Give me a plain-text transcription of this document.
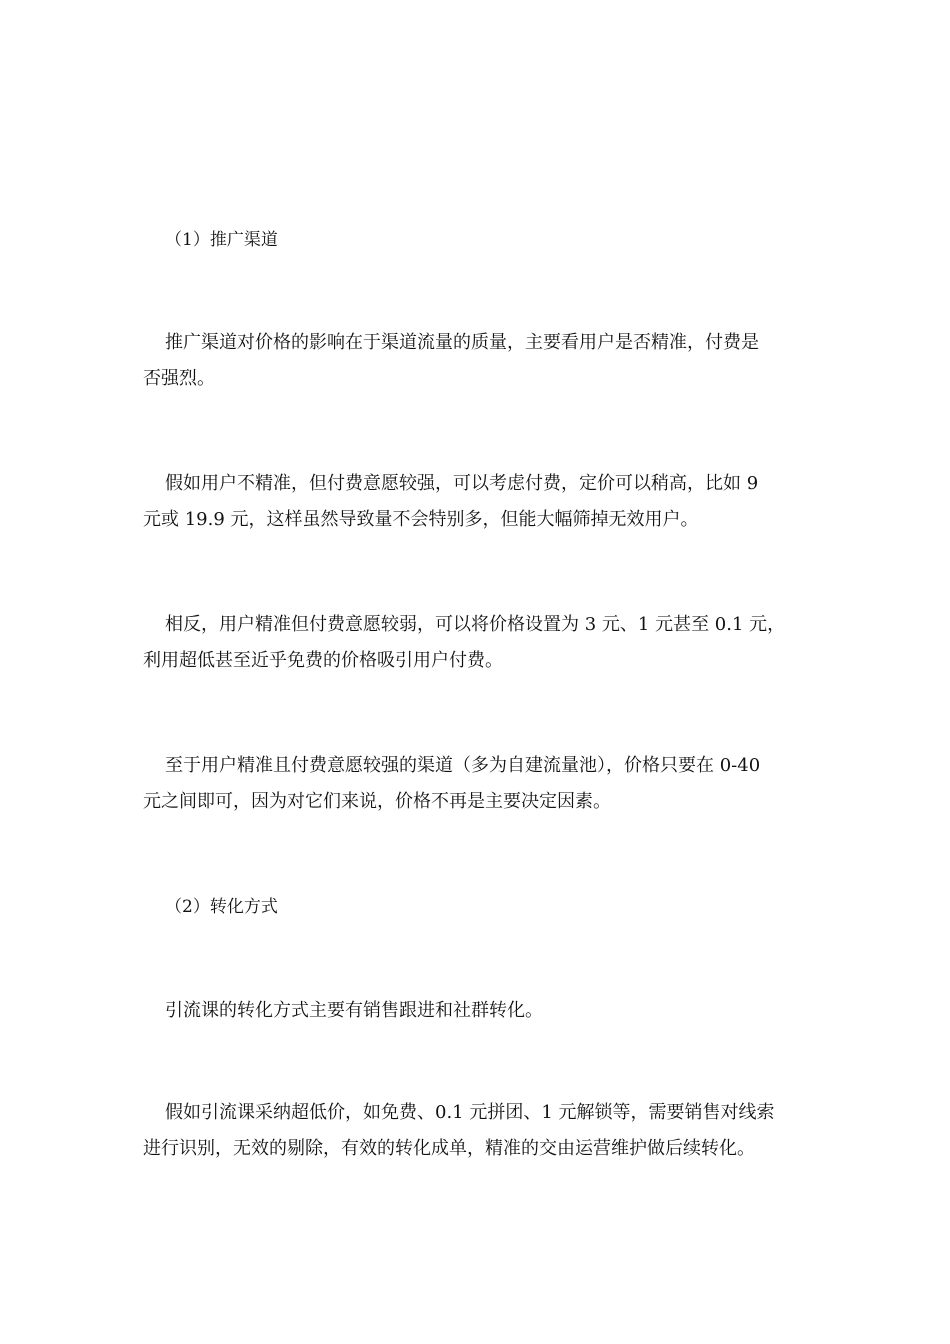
（1）推广渠道

推广渠道对价格的影响在于渠道流量的质量，主要看用户是否精准，付费是
否强烈。

假如用户不精准，但付费意愿较强，可以考虑付费，定价可以稍高，比如 9
元或 19.9 元，这样虽然导致量不会特别多，但能大幅筛掉无效用户。

相反，用户精准但付费意愿较弱，可以将价格设置为 3 元、1 元甚至 0.1 元，
利用超低甚至近乎免费的价格吸引用户付费。

至于用户精准且付费意愿较强的渠道（多为自建流量池），价格只要在 0-40
元之间即可，因为对它们来说，价格不再是主要决定因素。

（2）转化方式

引流课的转化方式主要有销售跟进和社群转化。

假如引流课采纳超低价，如免费、0.1 元拼团、1 元解锁等，需要销售对线索
进行识别，无效的剔除，有效的转化成单，精准的交由运营维护做后续转化。
